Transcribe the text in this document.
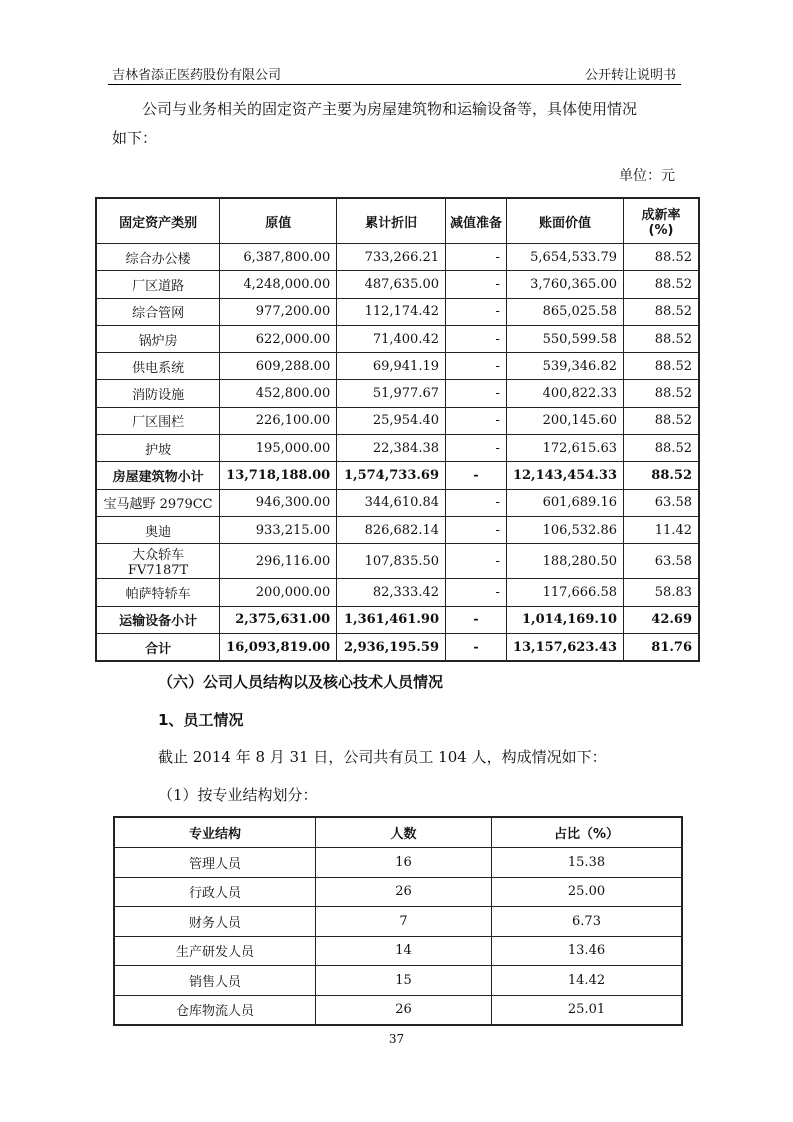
吉林省添正医药股份有限公司	公开转让说明书
公司与业务相关的固定资产主要为房屋建筑物和运输设备等，具体使用情况
如下：
单位：元
固定资产类别	原值	累计折旧	减值准备	账面价值	成新率
(%)

综合办公楼	6,387,800.00	733,266.21	-	5,654,533.79	88.52
厂区道路	4,248,000.00	487,635.00	-	3,760,365.00	88.52
综合管网	977,200.00	112,174.42	-	865,025.58	88.52
锅炉房	622,000.00	71,400.42	-	550,599.58	88.52
供电系统	609,288.00	69,941.19	-	539,346.82	88.52
消防设施	452,800.00	51,977.67	-	400,822.33	88.52
厂区围栏	226,100.00	25,954.40	-	200,145.60	88.52
护坡	195,000.00	22,384.38	-	172,615.63	88.52
房屋建筑物小计	13,718,188.00	1,574,733.69	-	12,143,454.33	88.52
宝马越野 2979CC	946,300.00	344,610.84	-	601,689.16	63.58
奥迪	933,215.00	826,682.14	-	106,532.86	11.42
大众轿车 FV7187T	296,116.00	107,835.50	-	188,280.50	63.58
帕萨特轿车	200,000.00	82,333.42	-	117,666.58	58.83
运输设备小计	2,375,631.00	1,361,461.90	-	1,014,169.10	42.69
合计	16,093,819.00	2,936,195.59	-	13,157,623.43	81.76
（六）公司人员结构以及核心技术人员情况
1、员工情况
截止 2014 年 8 月 31 日，公司共有员工 104 人，构成情况如下：
（1）按专业结构划分：
专业结构	人数	占比（%）
管理人员	16	15.38
行政人员	26	25.00
财务人员	7	6.73
生产研发人员	14	13.46
销售人员	15	14.42
仓库物流人员	26	25.01
37
